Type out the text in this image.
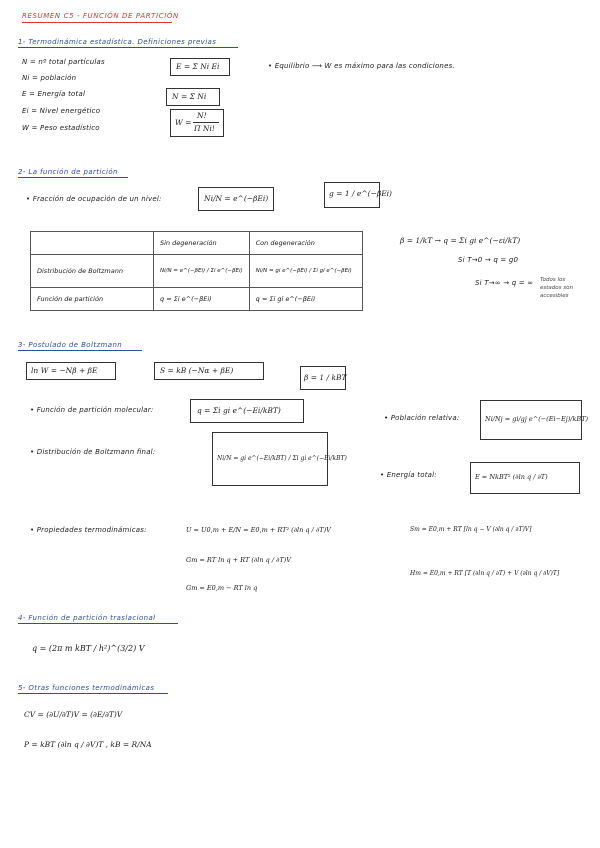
RESUMEN C5 - FUNCIÓN DE PARTICIÓN
1- Termodinámica estadística. Definiciones previas
N = nº total partículas
Ni = población
E = Energía total
Ei = Nivel energético
W = Peso estadístico
E = Σ Ni Ei
N = Σ Ni
W =
N!
Π Ni!
• Equilibrio ⟶ W es máximo para las condiciones.
2- La función de partición
• Fracción de ocupación de un nivel:	Ni/N = e^(−βEi)
g = 1 / e^(−βEi)
	Sin degeneración	Con degeneración
Distribución de Boltzmann	Ni/N = e^(−βEi) / Σi e^(−βEi)	Ni/N = gi e^(−βEi) / Σi gi e^(−βEi)
Función de partición	q = Σi e^(−βEi)	q = Σi gi e^(−βEi)
β = 1/kT → q = Σi gi e^(−εi/kT)
Si T→0 → q = g0
Si T→∞ → q = ∞ Todos los
estados son
accesibles
3- Postulado de Boltzmann
ln W = −Nβ + βE	S = kB (−Nα + βE)
β = 1 / kBT
• Función de partición molecular:	q = Σi gi e^(−Ei/kBT)
• Población relativa:	Ni/Nj = gi/gj e^(−(Ei−Ej)/kBT)
• Distribución de Boltzmann final:
Ni/N = gi e^(−Ei/kBT) / Σi gi e^(−Ei/kBT)
• Energía total:	E = NkBT² (∂ln q / ∂T)
• Propiedades termodinámicas:	U = U0,m + E/N = E0,m + RT² (∂ln q / ∂T)V
Gm = RT ln q + RT (∂ln q / ∂T)V
Gm = E0,m − RT ln q
Sm = E0,m + RT [ln q − V (∂ln q / ∂T)V]
Hm = E0,m + RT [T (∂ln q / ∂T) + V (∂ln q / ∂V)T]
4- Función de partición traslacional
q = (2π m kBT / h²)^(3/2) V
5- Otras funciones termodinámicas
CV = (∂U/∂T)V = (∂E/∂T)V
P = kBT (∂ln q / ∂V)T , kB = R/NA
